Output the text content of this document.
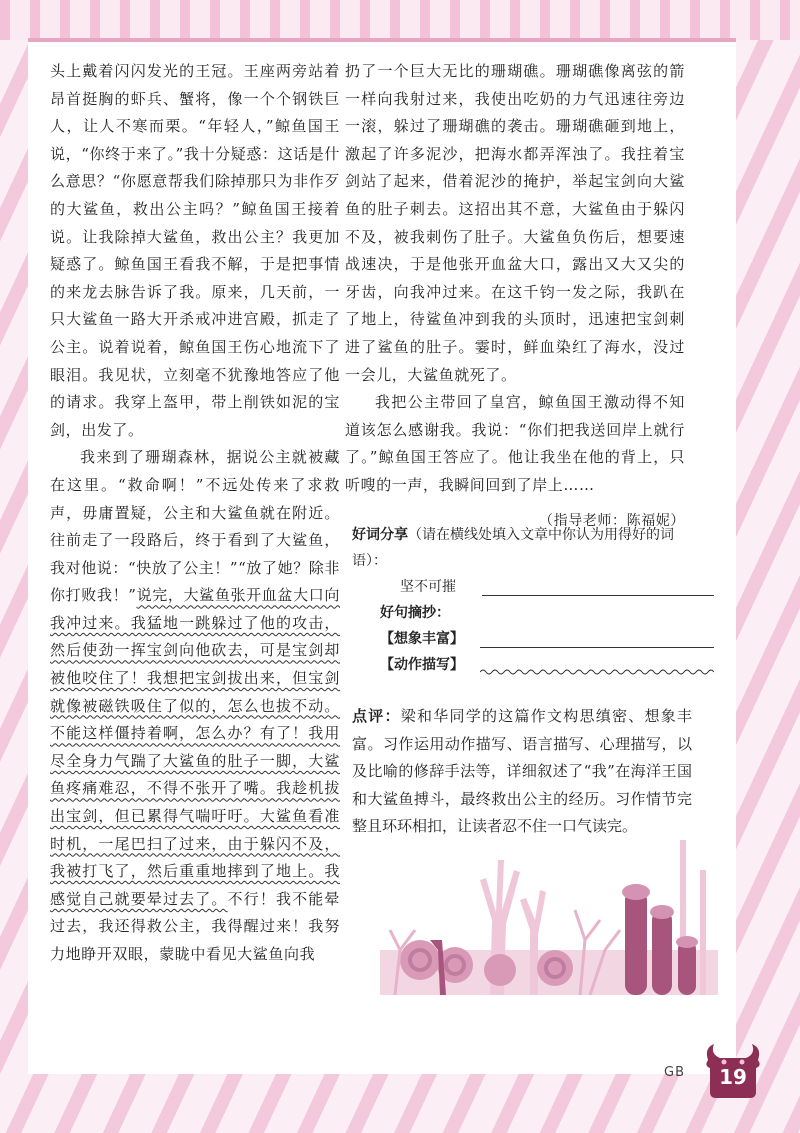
头上戴着闪闪发光的王冠。王座两旁站着昂首挺胸的虾兵、蟹将，像一个个钢铁巨人，让人不寒而栗。“年轻人，”鲸鱼国王说，“你终于来了。”我十分疑惑：这话是什么意思？“你愿意帮我们除掉那只为非作歹的大鲨鱼，救出公主吗？”鲸鱼国王接着说。让我除掉大鲨鱼，救出公主？我更加疑惑了。鲸鱼国王看我不解，于是把事情的来龙去脉告诉了我。原来，几天前，一只大鲨鱼一路大开杀戒冲进宫殿，抓走了公主。说着说着，鲸鱼国王伤心地流下了眼泪。我见状，立刻毫不犹豫地答应了他的请求。我穿上盔甲，带上削铁如泥的宝剑，出发了。

我来到了珊瑚森林，据说公主就被藏在这里。“救命啊！”不远处传来了求救声，毋庸置疑，公主和大鲨鱼就在附近。往前走了一段路后，终于看到了大鲨鱼，我对他说：“快放了公主！”“放了她？除非你打败我！”说完，大鲨鱼张开血盆大口向我冲过来。我猛地一跳躲过了他的攻击，然后使劲一挥宝剑向他砍去，可是宝剑却被他咬住了！我想把宝剑拔出来，但宝剑就像被磁铁吸住了似的，怎么也拔不动。不能这样僵持着啊，怎么办？有了！我用尽全身力气踹了大鲨鱼的肚子一脚，大鲨鱼疼痛难忍，不得不张开了嘴。我趁机拔出宝剑，但已累得气喘吁吁。大鲨鱼看准时机，一尾巴扫了过来，由于躲闪不及，我被打飞了，然后重重地摔到了地上。我感觉自己就要晕过去了。不行！我不能晕过去，我还得救公主，我得醒过来！我努力地睁开双眼，蒙眬中看见大鲨鱼向我

扔了一个巨大无比的珊瑚礁。珊瑚礁像离弦的箭一样向我射过来，我使出吃奶的力气迅速往旁边一滚，躲过了珊瑚礁的袭击。珊瑚礁砸到地上，激起了许多泥沙，把海水都弄浑浊了。我拄着宝剑站了起来，借着泥沙的掩护，举起宝剑向大鲨鱼的肚子刺去。这招出其不意，大鲨鱼由于躲闪不及，被我刺伤了肚子。大鲨鱼负伤后，想要速战速决，于是他张开血盆大口，露出又大又尖的牙齿，向我冲过来。在这千钧一发之际，我趴在了地上，待鲨鱼冲到我的头顶时，迅速把宝剑刺进了鲨鱼的肚子。霎时，鲜血染红了海水，没过一会儿，大鲨鱼就死了。

我把公主带回了皇宫，鲸鱼国王激动得不知道该怎么感谢我。我说：“你们把我送回岸上就行了。”鲸鱼国王答应了。他让我坐在他的背上，只听嗖的一声，我瞬间回到了岸上……

（指导老师：陈福妮）

好词分享（请在横线处填入文章中你认为用得好的词语）：
坚不可摧
好句摘抄：
【想象丰富】
【动作描写】
点评：梁和华同学的这篇作文构思缜密、想象丰富。习作运用动作描写、语言描写、心理描写，以及比喻的修辞手法等，详细叙述了“我”在海洋王国和大鲨鱼搏斗，最终救出公主的经历。习作情节完整且环环相扣，让读者忍不住一口气读完。
GB 19
